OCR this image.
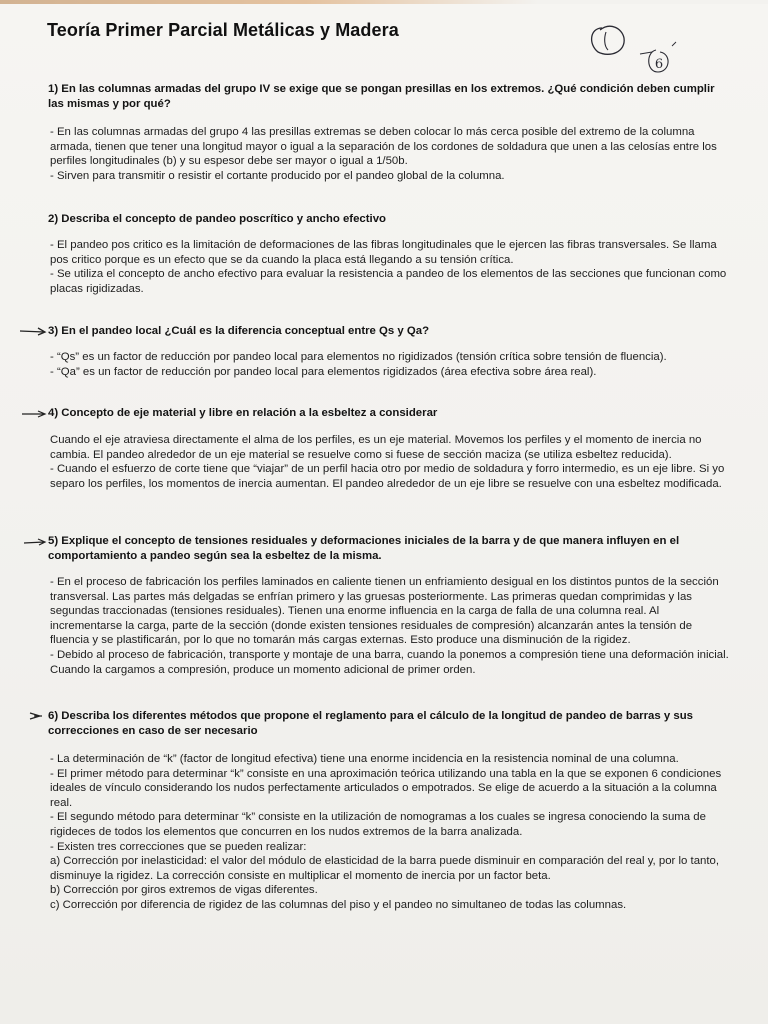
Teoría Primer Parcial Metálicas y Madera
6
1) En las columnas armadas del grupo IV se exige que se pongan presillas en los extremos. ¿Qué condición deben cumplir las mismas y por qué?

- En las columnas armadas del grupo 4 las presillas extremas se deben colocar lo más cerca posible del extremo de la columna armada, tienen que tener una longitud mayor o igual a la separación de los cordones de soldadura que unen a las celosías entre los perfiles longitudinales (b) y su espesor debe ser mayor o igual a 1/50b.

- Sirven para transmitir o resistir el cortante producido por el pandeo global de la columna.

2) Describa el concepto de pandeo poscrítico y ancho efectivo

- El pandeo pos critico es la limitación de deformaciones de las fibras longitudinales que le ejercen las fibras transversales. Se llama pos critico porque es un efecto que se da cuando la placa está llegando a su tensión crítica.

- Se utiliza el concepto de ancho efectivo para evaluar la resistencia a pandeo de los elementos de las secciones que funcionan como placas rigidizadas.

3) En el pandeo local ¿Cuál es la diferencia conceptual entre Qs y Qa?

- “Qs” es un factor de reducción por pandeo local para elementos no rigidizados (tensión crítica sobre tensión de fluencia).

- “Qa” es un factor de reducción por pandeo local para elementos rigidizados (área efectiva sobre área real).

4) Concepto de eje material y libre en relación a la esbeltez a considerar

Cuando el eje atraviesa directamente el alma de los perfiles, es un eje material. Movemos los perfiles y el momento de inercia no cambia. El pandeo alrededor de un eje material se resuelve como si fuese de sección maciza (se utiliza esbeltez reducida).

- Cuando el esfuerzo de corte tiene que “viajar” de un perfil hacia otro por medio de soldadura y forro intermedio, es un eje libre. Si yo separo los perfiles, los momentos de inercia aumentan. El pandeo alrededor de un eje libre se resuelve con una esbeltez modificada.

5) Explique el concepto de tensiones residuales y deformaciones iniciales de la barra y de que manera influyen en el comportamiento a pandeo según sea la esbeltez de la misma.

- En el proceso de fabricación los perfiles laminados en caliente tienen un enfriamiento desigual en los distintos puntos de la sección transversal. Las partes más delgadas se enfrían primero y las gruesas posteriormente. Las primeras quedan comprimidas y las segundas traccionadas (tensiones residuales). Tienen una enorme influencia en la carga de falla de una columna real. Al incrementarse la carga, parte de la sección (donde existen tensiones residuales de compresión) alcanzarán antes la tensión de fluencia y se plastificarán, por lo que no tomarán más cargas externas. Esto produce una disminución de la rigidez.

- Debido al proceso de fabricación, transporte y montaje de una barra, cuando la ponemos a compresión tiene una deformación inicial. Cuando la cargamos a compresión, produce un momento adicional de primer orden.

6) Describa los diferentes métodos que propone el reglamento para el cálculo de la longitud de pandeo de barras y sus correcciones en caso de ser necesario

- La determinación de “k” (factor de longitud efectiva) tiene una enorme incidencia en la resistencia nominal de una columna.

- El primer método para determinar “k” consiste en una aproximación teórica utilizando una tabla en la que se exponen 6 condiciones ideales de vínculo considerando los nudos perfectamente articulados o empotrados. Se elige de acuerdo a la situación a la columna real.

- El segundo método para determinar “k” consiste en la utilización de nomogramas a los cuales se ingresa conociendo la suma de rigideces de todos los elementos que concurren en los nudos extremos de la barra analizada.

- Existen tres correcciones que se pueden realizar:

a) Corrección por inelasticidad: el valor del módulo de elasticidad de la barra puede disminuir en comparación del real y, por lo tanto, disminuye la rigidez. La corrección consiste en multiplicar el momento de inercia por un factor beta.

b) Corrección por giros extremos de vigas diferentes.

c) Corrección por diferencia de rigidez de las columnas del piso y el pandeo no simultaneo de todas las columnas.
